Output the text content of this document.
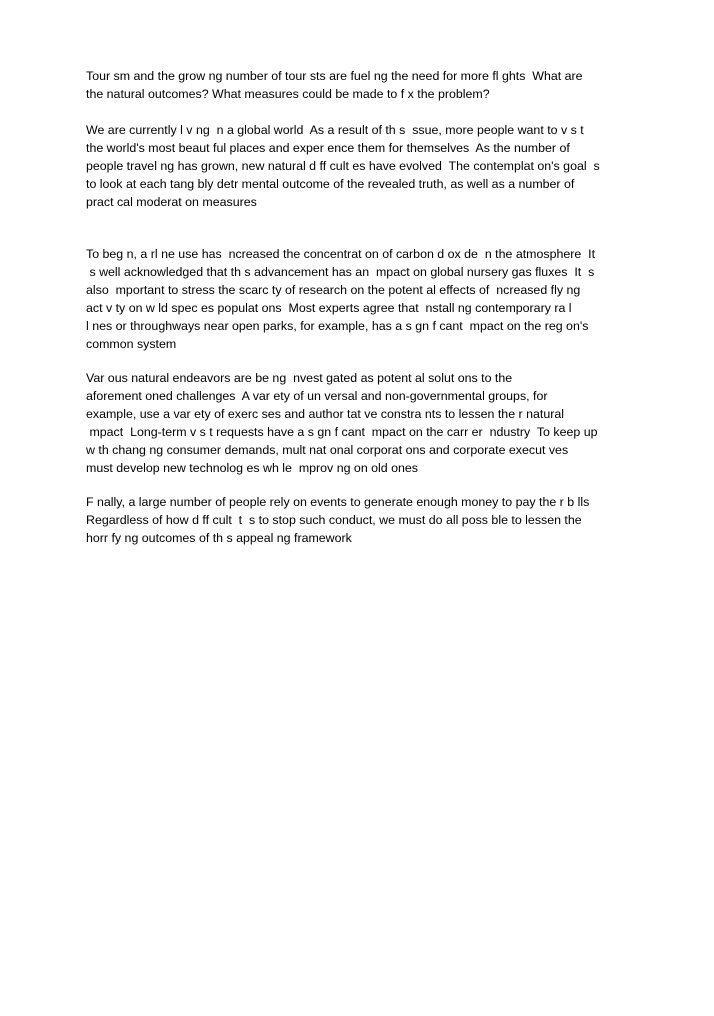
Tour sm and the grow ng number of tour sts are fuel ng the need for more fl ghts  What are
the natural outcomes? What measures could be made to f x the problem?
We are currently l v ng  n a global world  As a result of th s  ssue, more people want to v s t
the world's most beaut ful places and exper ence them for themselves  As the number of
people travel ng has grown, new natural d ff cult es have evolved  The contemplat on's goal  s
to look at each tang bly detr mental outcome of the revealed truth, as well as a number of
pract cal moderat on measures
To beg n, a rl ne use has  ncreased the concentrat on of carbon d ox de  n the atmosphere  It
s well acknowledged that th s advancement has an  mpact on global nursery gas fluxes  It  s
also  mportant to stress the scarc ty of research on the potent al effects of  ncreased fly ng
act v ty on w ld spec es populat ons  Most experts agree that  nstall ng contemporary ra l
l nes or throughways near open parks, for example, has a s gn f cant  mpact on the reg on's
common system
Var ous natural endeavors are be ng  nvest gated as potent al solut ons to the
aforement oned challenges  A var ety of un versal and non-governmental groups, for
example, use a var ety of exerc ses and author tat ve constra nts to lessen the r natural
mpact  Long-term v s t requests have a s gn f cant  mpact on the carr er  ndustry  To keep up
w th chang ng consumer demands, mult nat onal corporat ons and corporate execut ves
must develop new technolog es wh le  mprov ng on old ones
F nally, a large number of people rely on events to generate enough money to pay the r b lls
Regardless of how d ff cult  t  s to stop such conduct, we must do all poss ble to lessen the
horr fy ng outcomes of th s appeal ng framework
